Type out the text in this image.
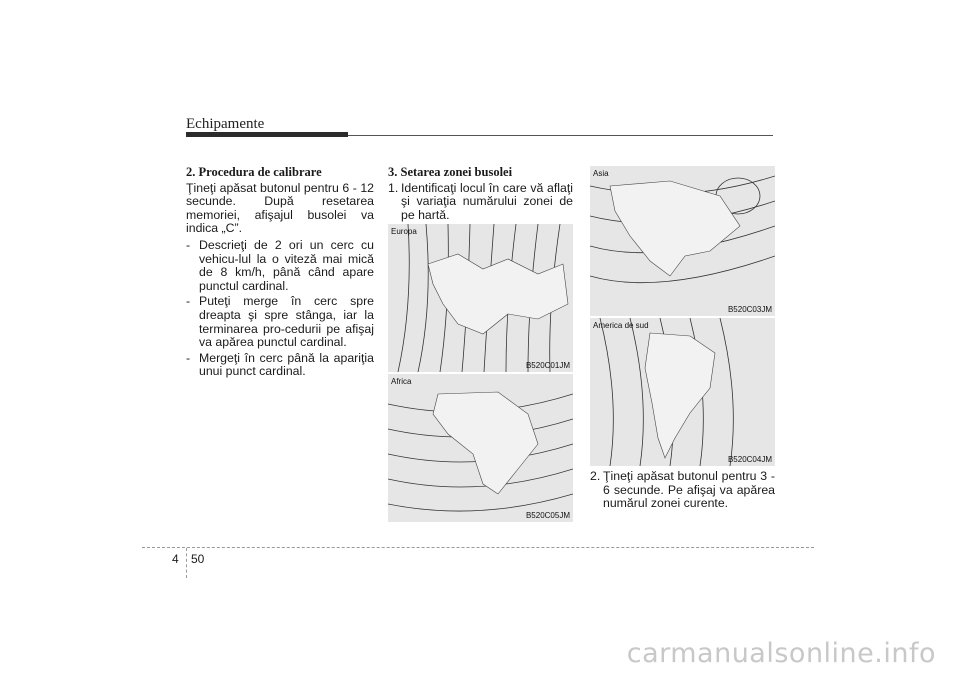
Echipamente

2. Procedura de calibrare

Ţineţi apăsat butonul pentru 6 - 12 secunde. După resetarea memoriei, afişajul busolei va indica „C”.

- Descrieţi de 2 ori un cerc cu vehicu-lul la o viteză mai mică de 8 km/h, până când apare punctul cardinal.
- Puteţi merge în cerc spre dreapta şi spre stânga, iar la terminarea pro-cedurii pe afişaj va apărea punctul cardinal.
- Mergeţi în cerc până la apariţia unui punct cardinal.

3. Setarea zonei busolei

1. Identificaţi locul în care vă aflaţi şi variaţia numărului zonei de pe hartă.
Europa
B520C01JM
Africa
B520C05JM
Asia
B520C03JM
America de sud
B520C04JM
2. Ţineţi apăsat butonul pentru 3 - 6 secunde. Pe afişaj va apărea numărul zonei curente.
4 50
carmanualsonline.info
